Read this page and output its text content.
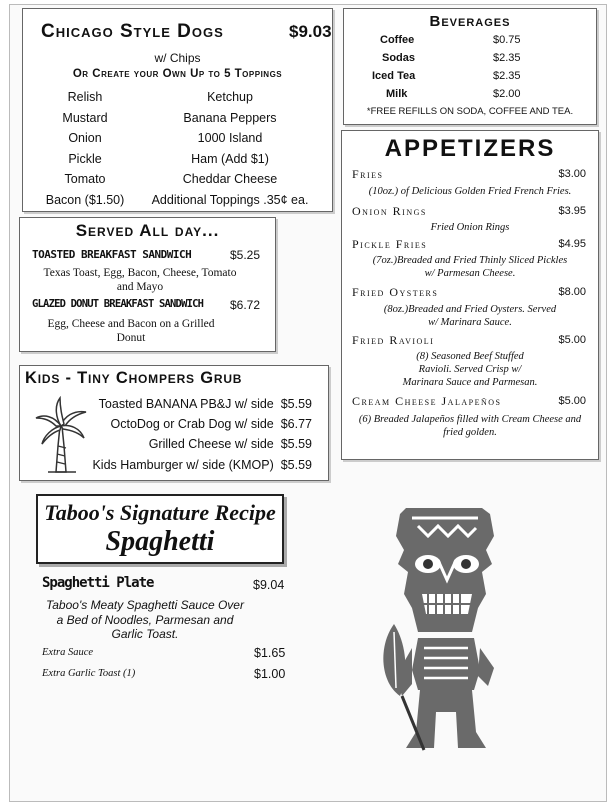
Chicago Style Dogs	$9.03
w/ Chips
Or Create your Own Up to 5 Toppings
Relish	Ketchup
Mustard	Banana Peppers
Onion	1000 Island
Pickle	Ham (Add $1)
Tomato	Cheddar Cheese
Bacon ($1.50)	Additional Toppings .35¢ ea.
Beverages
Coffee	$0.75
Sodas	$2.35
Iced Tea	$2.35
Milk	$2.00
*FREE REFILLS ON SODA, COFFEE AND TEA.
APPETIZERS
Fries	$3.00
(10oz.) of Delicious Golden Fried French Fries.
Onion Rings	$3.95
Fried Onion Rings
Pickle Fries	$4.95
(7oz.)Breaded and Fried Thinly Sliced Pickles w/ Parmesan Cheese.
Fried Oysters	$8.00
(8oz.)Breaded and Fried Oysters. Served w/ Marinara Sauce.
Fried Ravioli	$5.00
(8) Seasoned Beef Stuffed Ravioli. Served Crisp w/ Marinara Sauce and Parmesan.
Cream Cheese Jalapeños	$5.00
(6) Breaded Jalapeños filled with Cream Cheese and fried golden.
Served All day...
TOASTED BREAKFAST SANDWICH	$5.25
Texas Toast, Egg, Bacon, Cheese, Tomato and Mayo
GLAZED DONUT BREAKFAST SANDWICH $6.72
Egg, Cheese and Bacon on a Grilled Donut
Kids - Tiny Chompers Grub
Toasted BANANA PB&J w/ side $5.59
OctoDog or Crab Dog w/ side $6.77
Grilled Cheese w/ side $5.59
Kids Hamburger w/ side (KMOP) $5.59
Taboo's Signature Recipe
Spaghetti
Spaghetti Plate	$9.04
Taboo's Meaty Spaghetti Sauce Over a Bed of Noodles, Parmesan and Garlic Toast.
Extra Sauce	$1.65
Extra Garlic Toast (1)	$1.00
